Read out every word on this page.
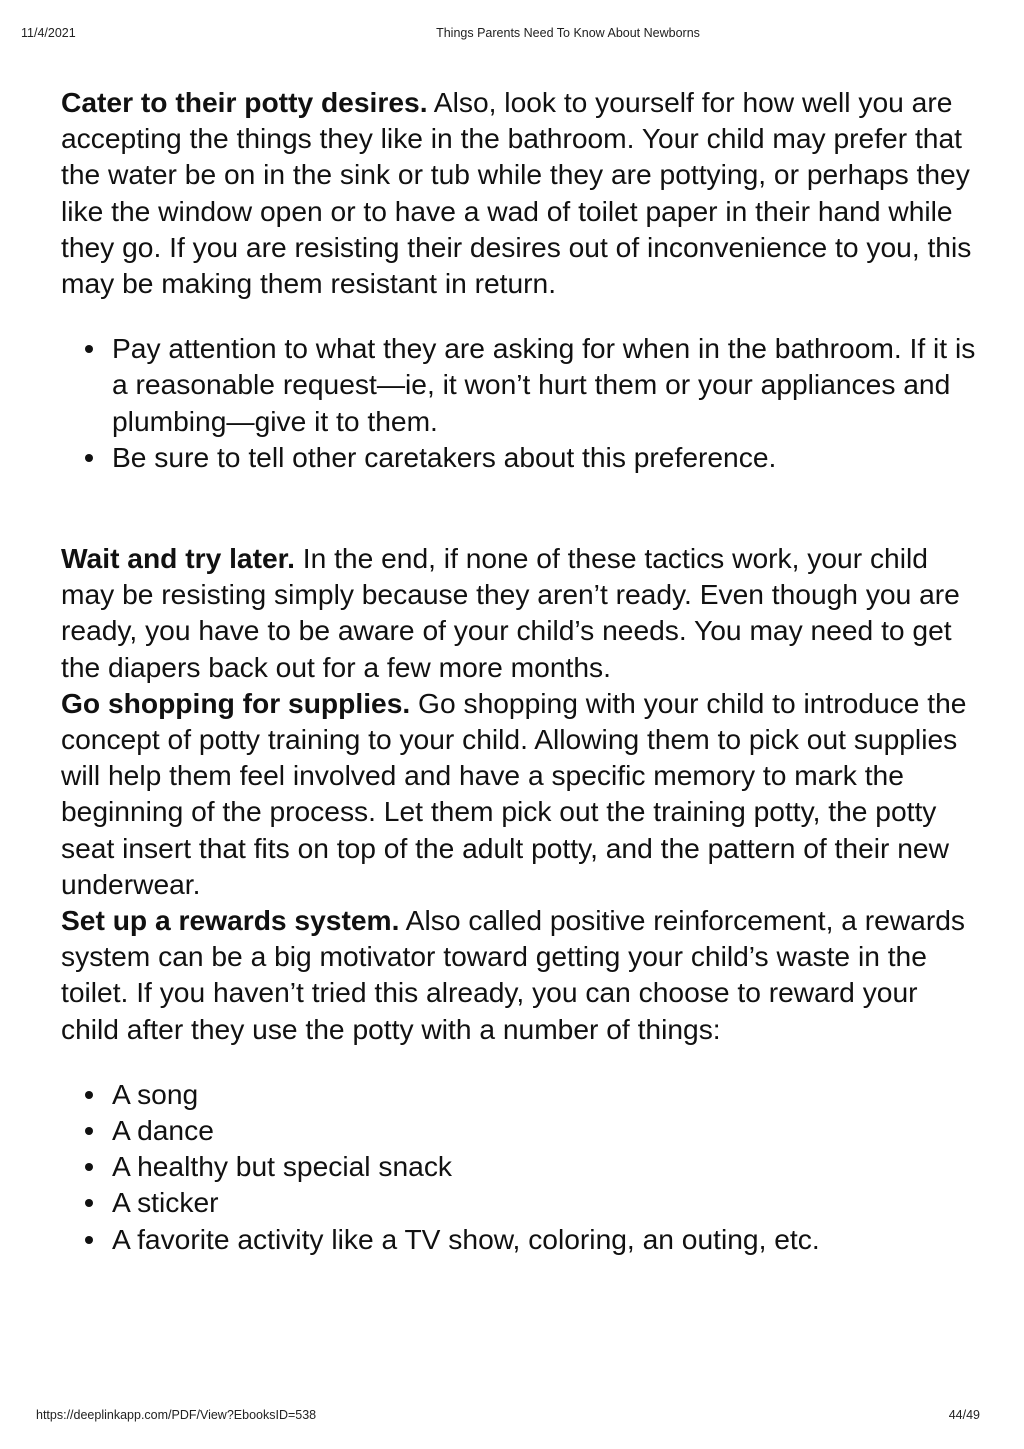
11/4/2021	Things Parents Need To Know About Newborns

Cater to their potty desires. Also, look to yourself for how well you are accepting the things they like in the bathroom. Your child may prefer that the water be on in the sink or tub while they are pottying, or perhaps they like the window open or to have a wad of toilet paper in their hand while they go. If you are resisting their desires out of inconvenience to you, this may be making them resistant in return.

Pay attention to what they are asking for when in the bathroom. If it is a reasonable request—ie, it won’t hurt them or your appliances and plumbing—give it to them.
Be sure to tell other caretakers about this preference.

Wait and try later. In the end, if none of these tactics work, your child may be resisting simply because they aren’t ready. Even though you are ready, you have to be aware of your child’s needs. You may need to get the diapers back out for a few more months.

Go shopping for supplies. Go shopping with your child to introduce the concept of potty training to your child. Allowing them to pick out supplies will help them feel involved and have a specific memory to mark the beginning of the process. Let them pick out the training potty, the potty seat insert that fits on top of the adult potty, and the pattern of their new underwear.

Set up a rewards system. Also called positive reinforcement, a rewards system can be a big motivator toward getting your child’s waste in the toilet. If you haven’t tried this already, you can choose to reward your child after they use the potty with a number of things:

A song
A dance
A healthy but special snack
A sticker
A favorite activity like a TV show, coloring, an outing, etc.
https://deeplinkapp.com/PDF/View?EbooksID=538	44/49
